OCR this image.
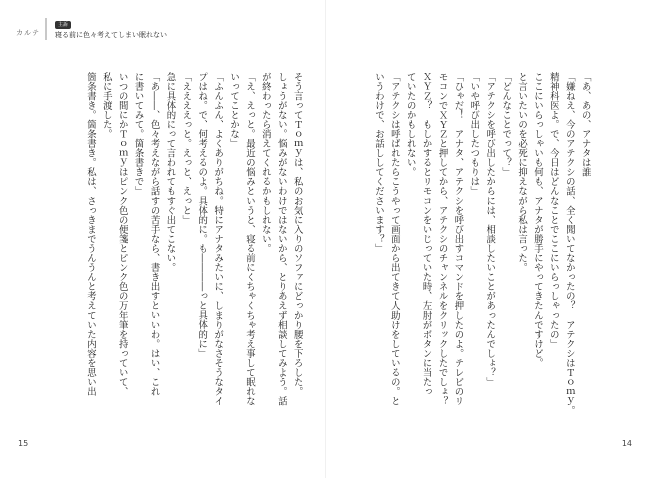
カルテ
主訴
寝る前に色々考えてしまい眠れない
「あ、あの、アナタは誰
「嫌ねえ、今のアテクシの話、全く聞いてなかったの？　アテクシはＴｏｍｙ。
精神科医よ。で、今日はどんなことでここにいらっしゃったの」
ここにいらっしゃいも何も、アナタが勝手にやってきたんですけど。
と言いたいのを必死に抑えながら私は言った。
「どんなことでって？」
「アテクシを呼び出したからには、相談したいことがあったんでしょ？」
「いや呼び出したつもりは」
「ひゃだ！　アナタ、アテクシを呼び出すコマンドを押したのよ。テレビのリ
モコンでＸＹＺと押してから、アテクシのチャンネルをクリックしたでしょ？
ＸＹＺ？　もしかするとリモコンをいじっていた時、左肘がボタンに当たっ
ていたのかもしれない。
「アテクシは呼ばれたらこうやって画面から出てきて人助けをしているの。と
いうわけで、お話ししてくださいます？」
そう言ってＴｏｍｙは、私のお気に入りのソファにどっかり腰を下ろした。
しょうがない。悩みがないわけではないから、とりあえず相談してみよう。話
が終わったら消えてくれるかもしれない。
「え、えっと。最近の悩みというと、寝る前にくちゃくちゃ考え事して眠れな
いってことかな」
「ふんふん、よくありがちね。特にアナタみたいに、しまりがなさそうなタイ
プはね。で、何考えるのよ。具体的に。も――――っと具体的に」
「ええええっと。えっと、えっと」
急に具体的にって言われてもすぐ出てこない。
「あ――、色々考えながら話すの苦手なら、書き出すといいわ。はい、これ
に書いてみて。箇条書きで」
いつの間にかＴｏｍｙはピンク色の便箋とピンク色の万年筆を持っていて、
私に手渡した。
箇条書き。箇条書き。私は、さっきまでうんうんと考えていた内容を思い出
15	14
